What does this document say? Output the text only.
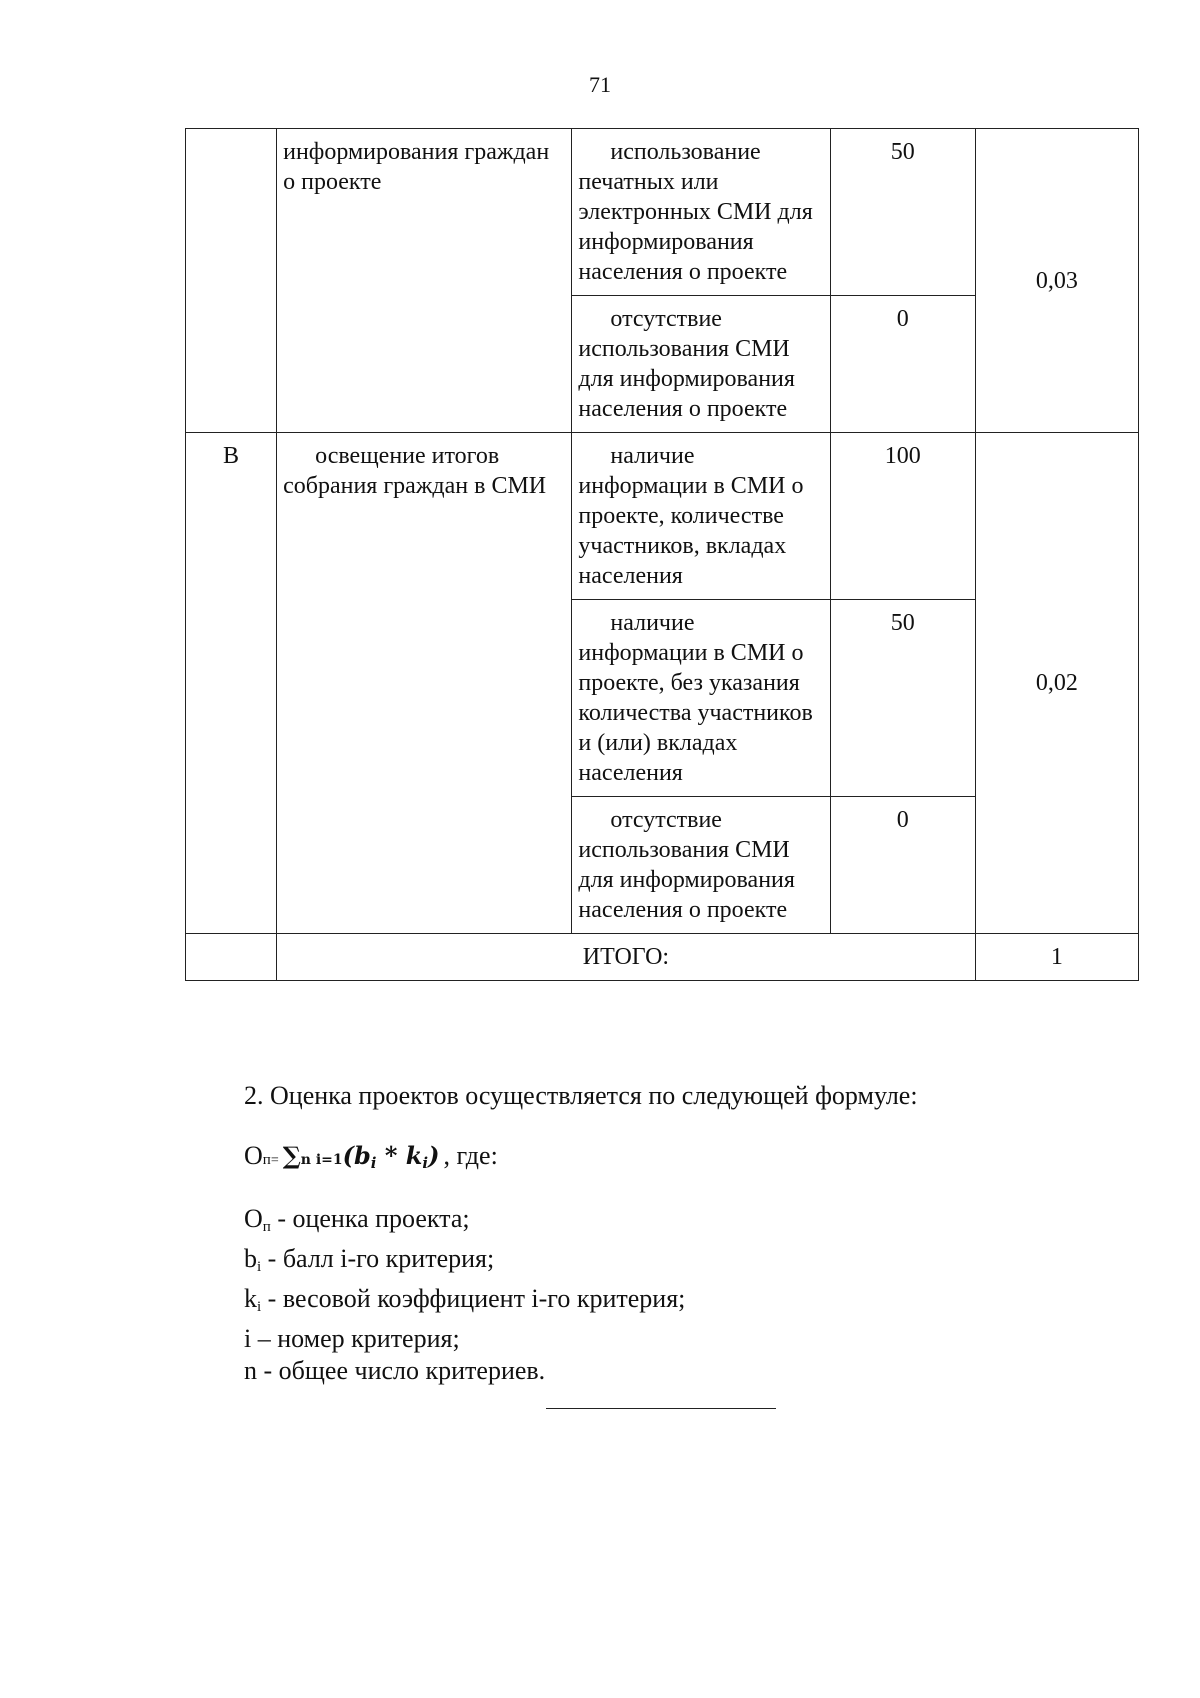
71
	информирования граждан о проекте	использование печатных или электронных СМИ для информирования населения о проекте	50	0,03
		отсутствие использования СМИ для информирования населения о проекте	0	
В	освещение итогов собрания граждан в СМИ	наличие информации в СМИ о проекте, количестве участников, вкладах населения	100	0,02
		наличие информации в СМИ о проекте, без указания количества участников и (или) вкладах населения	50	
		отсутствие использования СМИ для информирования населения о проекте	0	
	ИТОГО:			1
2. Оценка проектов осуществляется по следующей формуле:
О п = ∑n $i=1(b_i * k_i)$ , где:
$О_п$ - оценка проекта;
$b_i$ - балл i-го критерия;
$k_i$ - весовой коэффициент i-го критерия;
i – номер критерия;
n - общее число критериев.
